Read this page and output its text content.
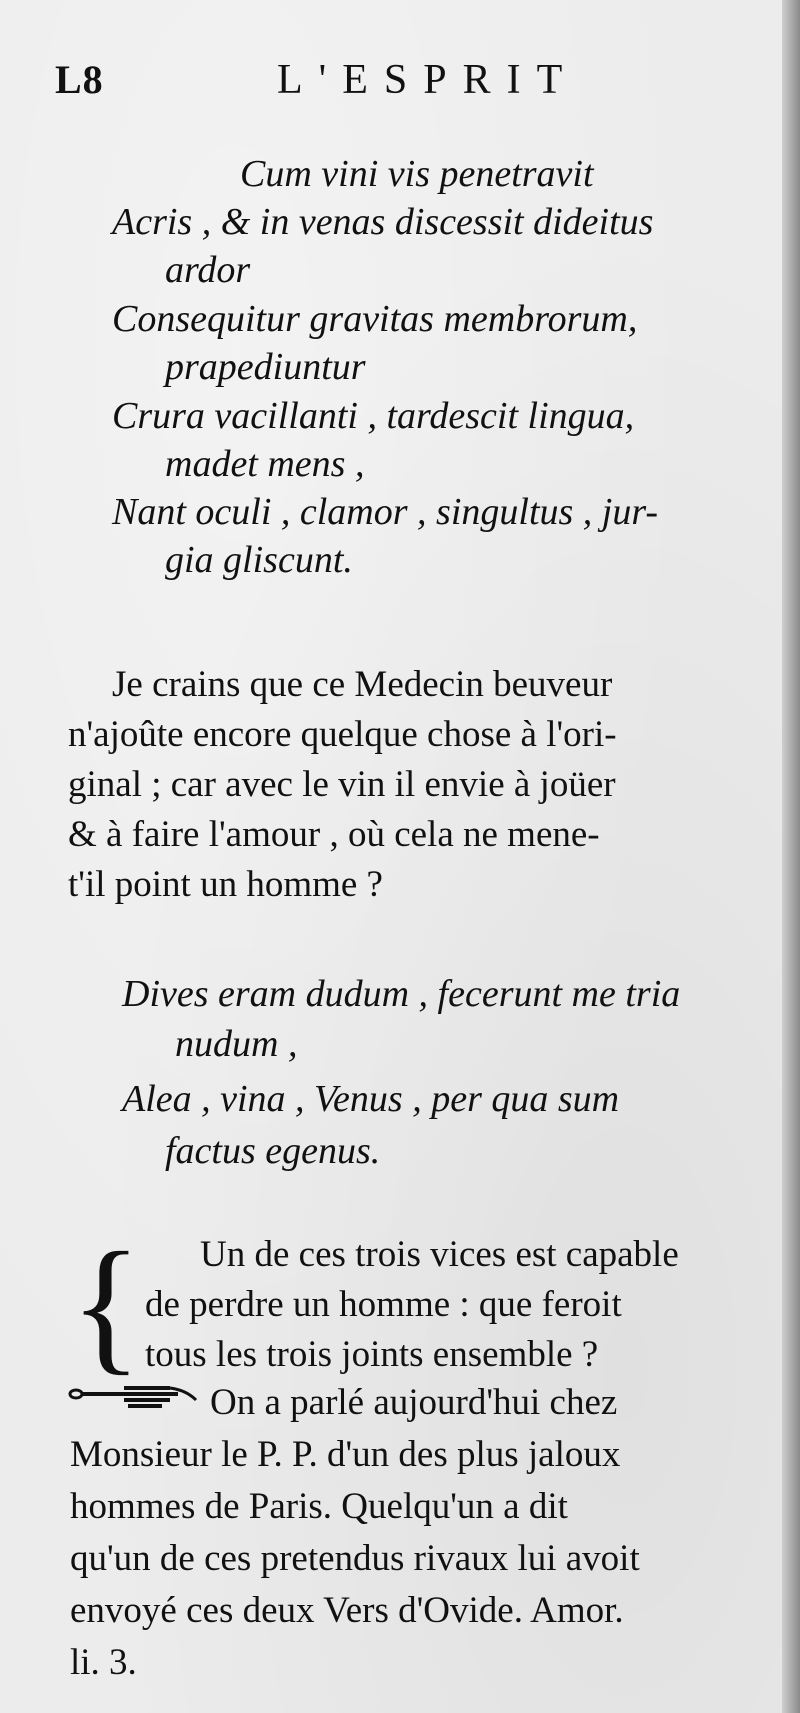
L8	L'ESPRIT
Cum vini vis penetravit
Acris , & in venas discessit dideitus
ardor
Consequitur gravitas membrorum,
prapediuntur
Crura vacillanti , tardescit lingua,
madet mens ,
Nant oculi , clamor , singultus , jur-
gia gliscunt.
Je crains que ce Medecin beuveur
n'ajoûte encore quelque chose à l'ori-
ginal ; car avec le vin il envie à joüer
& à faire l'amour , où cela ne mene-
t'il point un homme ?
Dives eram dudum , fecerunt me tria
nudum ,
Alea , vina , Venus , per qua sum
factus egenus.
{ Un de ces trois vices est capable
de perdre un homme : que feroit
tous les trois joints ensemble ?
On a parlé aujourd'hui chez
Monsieur le P. P. d'un des plus jaloux
hommes de Paris. Quelqu'un a dit
qu'un de ces pretendus rivaux lui avoit
envoyé ces deux Vers d'Ovide. Amor.
li. 3.
